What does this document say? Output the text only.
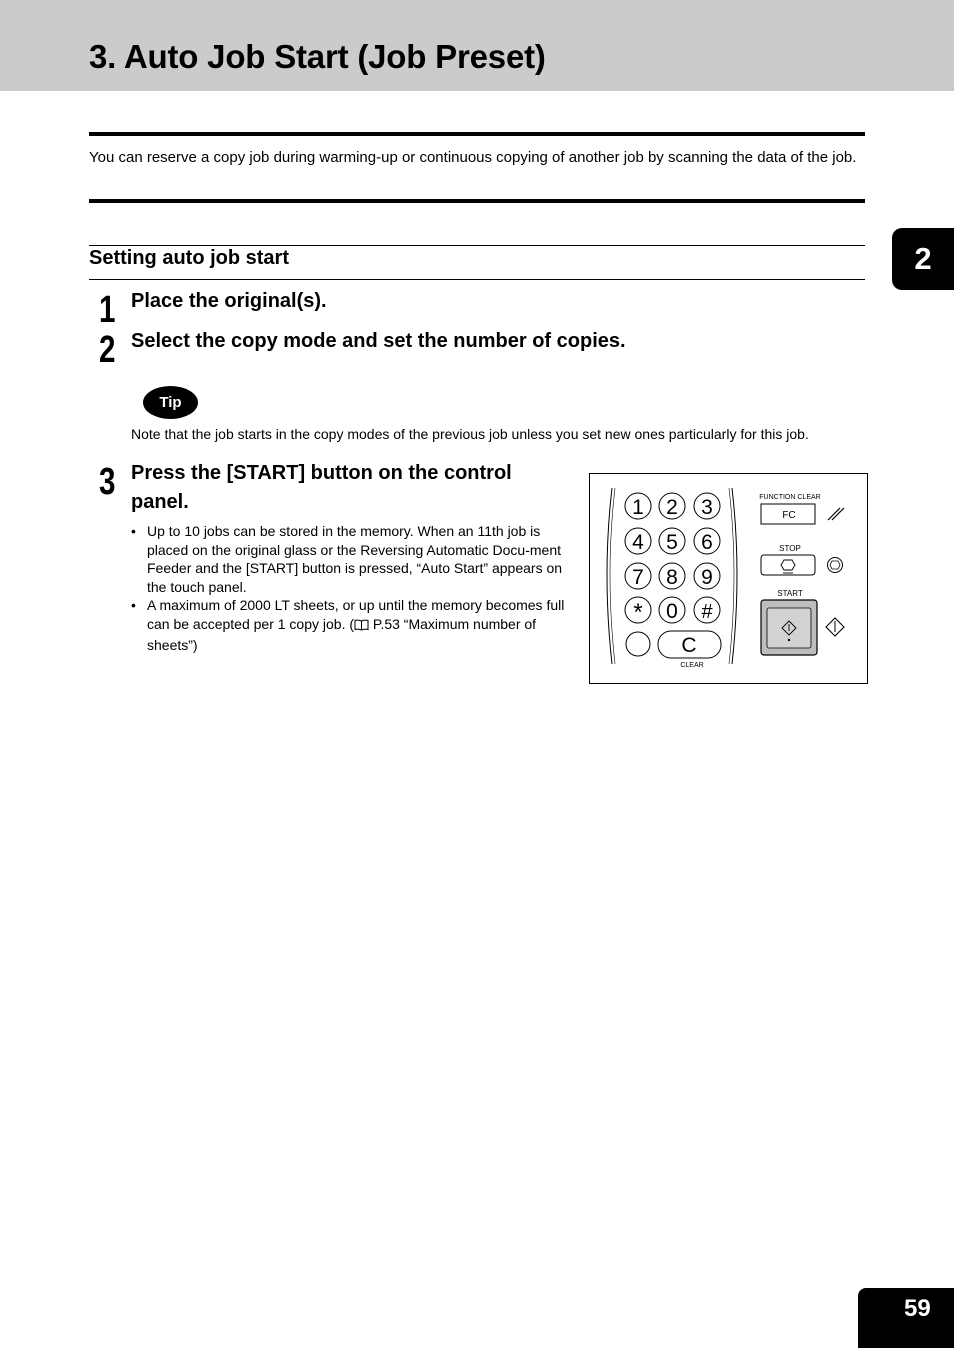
3. Auto Job Start (Job Preset)

You can reserve a copy job during warming-up or continuous copying of another job by scanning the data of the job.

Setting auto job start	2
1 Place the original(s).

2 Select the copy mode and set the number of copies.

Tip

Note that the job starts in the copy modes of the previous job unless you set new ones particularly for this job.

3 Press the [START] button on the control
panel.

• Up to 10 jobs can be stored in the memory. When an 11th job is placed on the original glass or the Reversing Automatic Docu-ment Feeder and the [START] button is pressed, “Auto Start” appears on the touch panel.
• A maximum of 2000 LT sheets, or up until the memory becomes full can be accepted per 1 copy job. ( P.53 “Maximum number of sheets”)
1 2 3
4 5 6
7 8 9
* 0 #
C
CLEAR
FUNCTION CLEAR
FC
STOP
START
59
